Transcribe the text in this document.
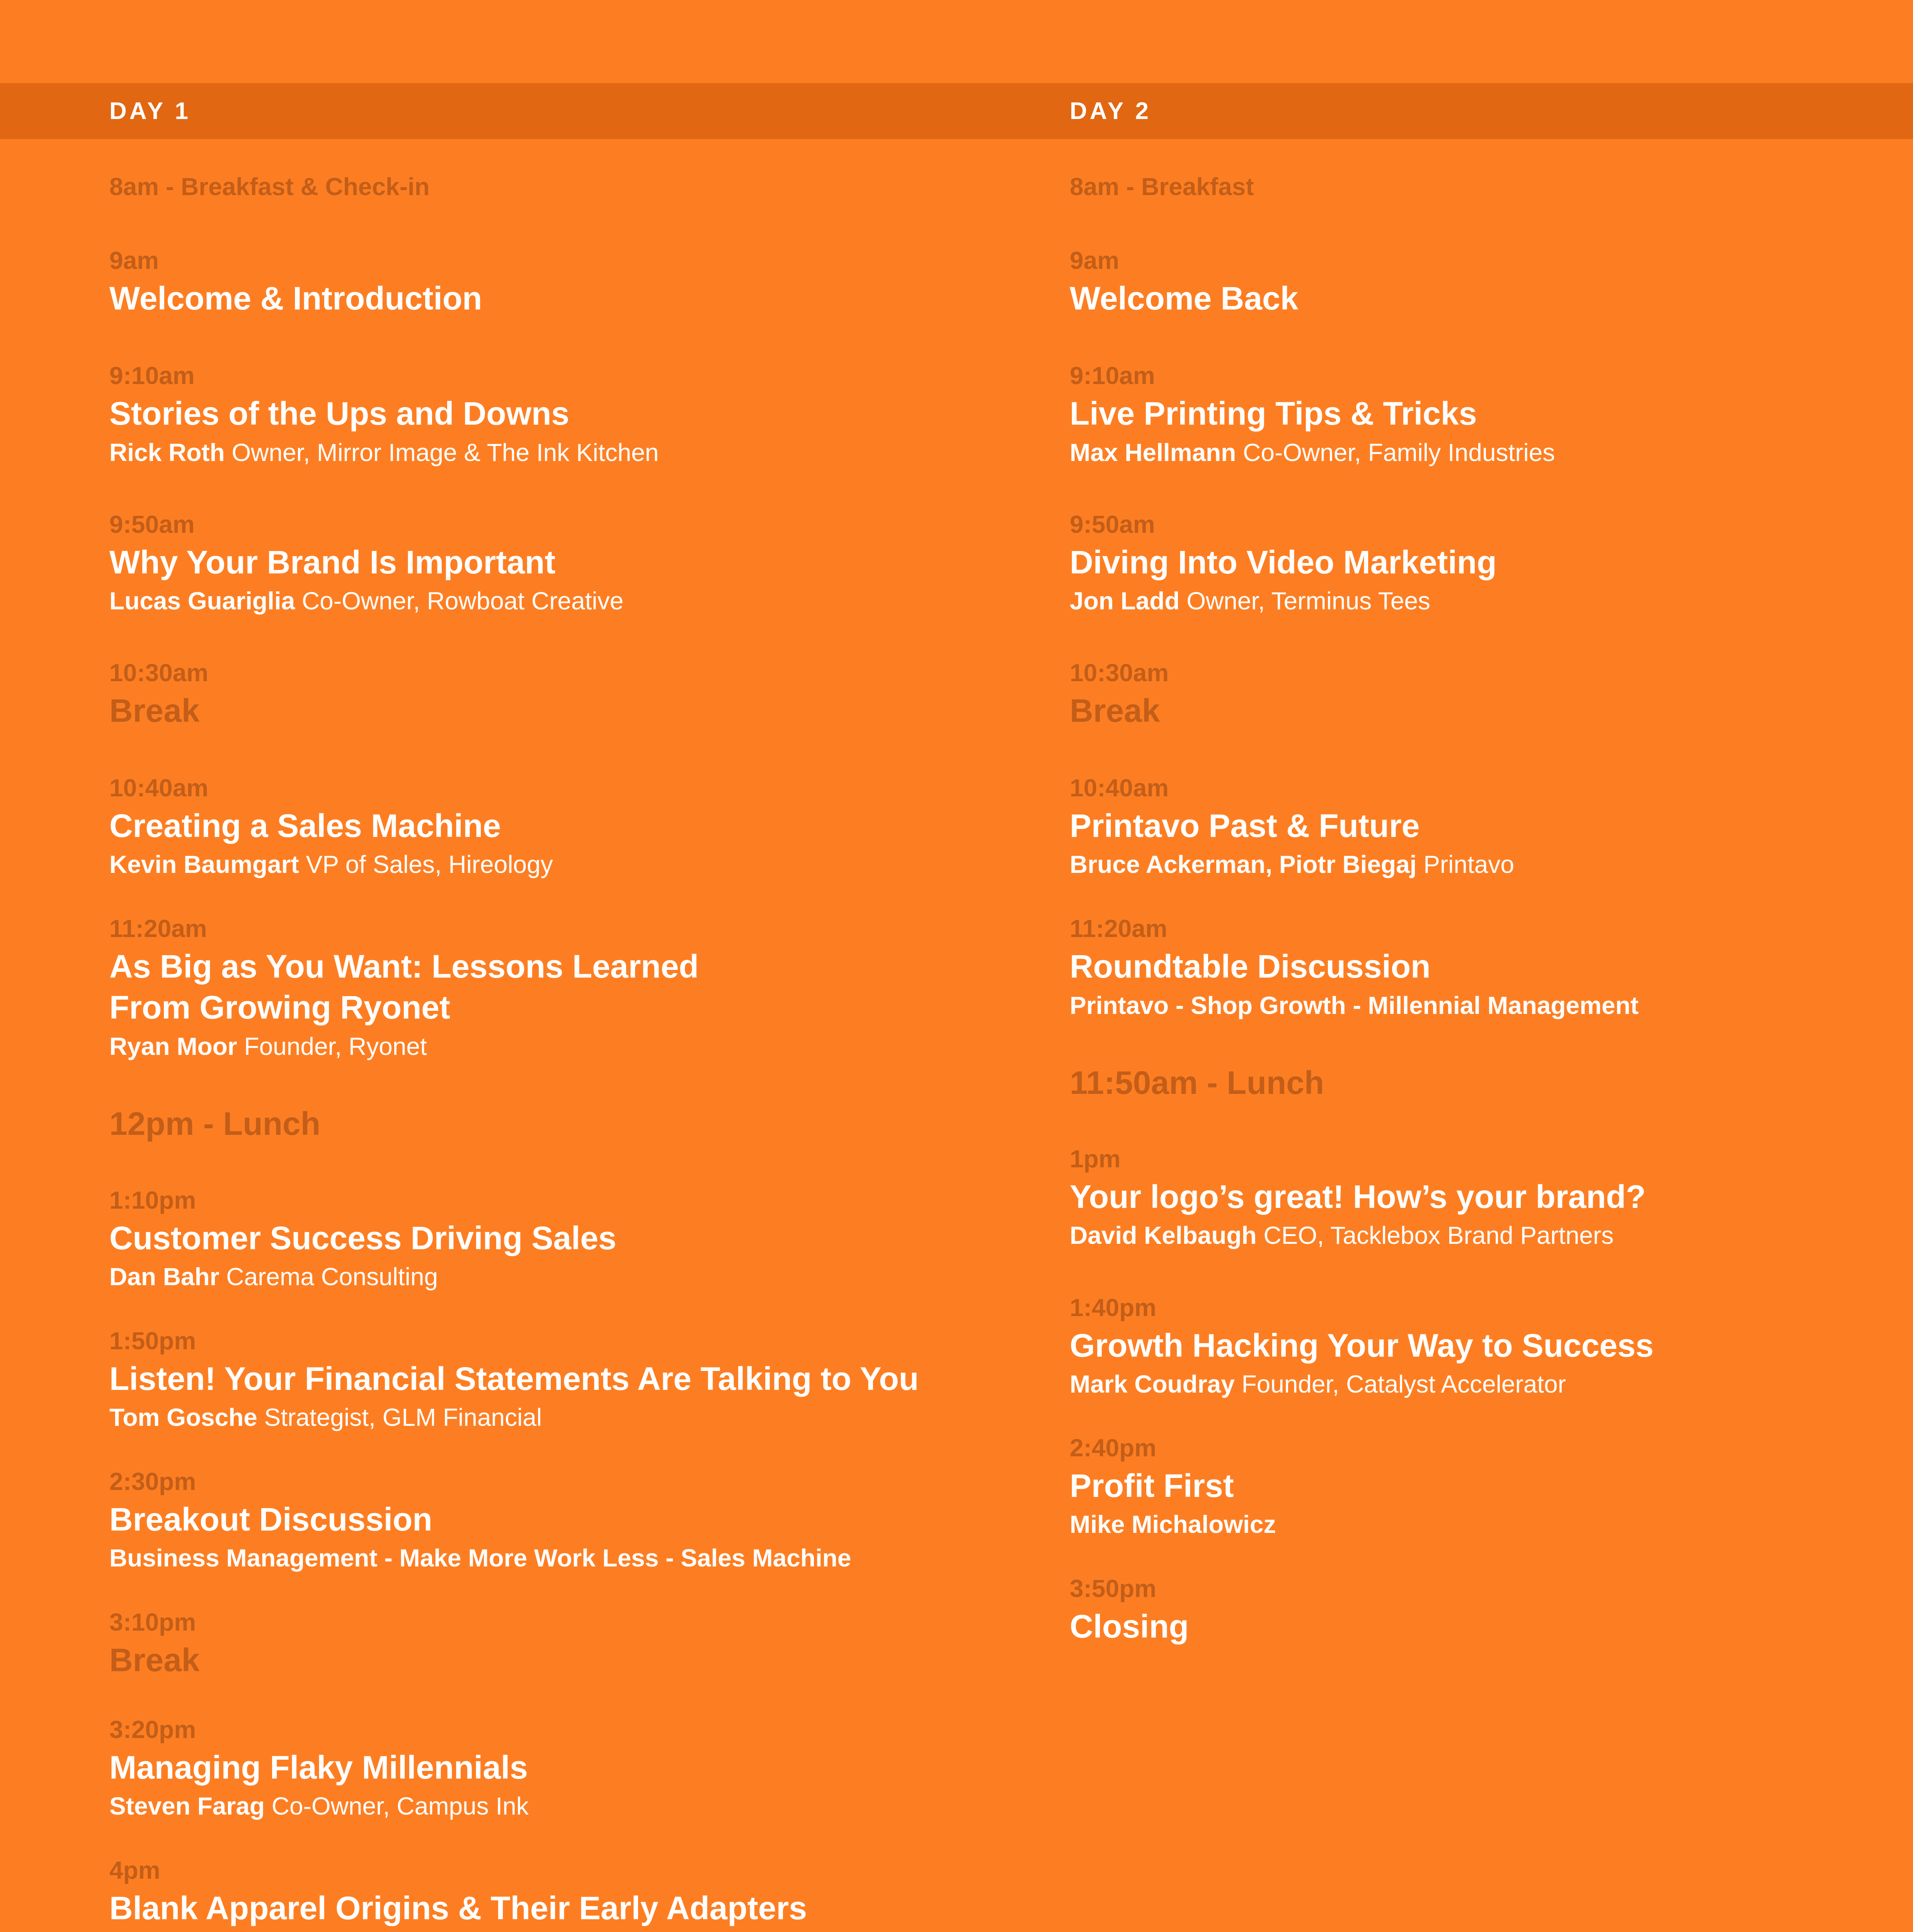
DAY 1	DAY 2

8am - Breakfast & Check-in

9am

Welcome & Introduction

9:10am

Stories of the Ups and Downs

Rick Roth Owner, Mirror Image & The Ink Kitchen

9:50am

Why Your Brand Is Important

Lucas Guariglia Co-Owner, Rowboat Creative

10:30am

Break

10:40am

Creating a Sales Machine

Kevin Baumgart VP of Sales, Hireology

11:20am

As Big as You Want: Lessons Learned

From Growing Ryonet

Ryan Moor Founder, Ryonet

12pm - Lunch

1:10pm

Customer Success Driving Sales

Dan Bahr Carema Consulting

1:50pm

Listen! Your Financial Statements Are Talking to You

Tom Gosche Strategist, GLM Financial

2:30pm

Breakout Discussion

Business Management - Make More Work Less - Sales Machine

3:10pm

Break

3:20pm

Managing Flaky Millennials

Steven Farag Co-Owner, Campus Ink

4pm

Blank Apparel Origins & Their Early Adapters

8am - Breakfast

9am

Welcome Back

9:10am

Live Printing Tips & Tricks

Max Hellmann Co-Owner, Family Industries

9:50am

Diving Into Video Marketing

Jon Ladd Owner, Terminus Tees

10:30am

Break

10:40am

Printavo Past & Future

Bruce Ackerman, Piotr Biegaj Printavo

11:20am

Roundtable Discussion

Printavo - Shop Growth - Millennial Management

11:50am - Lunch

1pm

Your logo’s great! How’s your brand?

David Kelbaugh CEO, Tacklebox Brand Partners

1:40pm

Growth Hacking Your Way to Success

Mark Coudray Founder, Catalyst Accelerator

2:40pm

Profit First

Mike Michalowicz

3:50pm

Closing
